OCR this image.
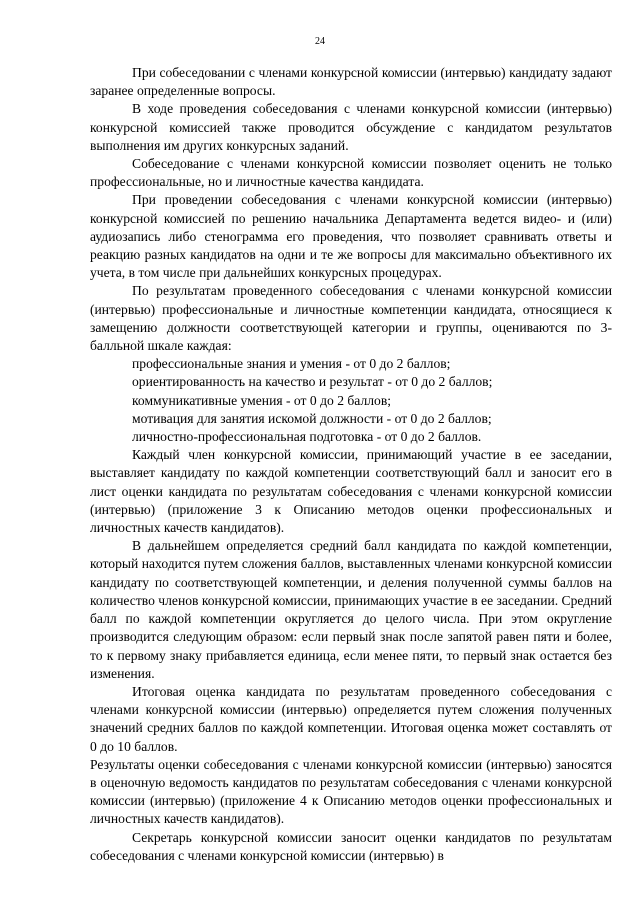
24

При собеседовании с членами конкурсной комиссии (интервью) кандидату задают заранее определенные вопросы.

В ходе проведения собеседования с членами конкурсной комиссии (интервью) конкурсной комиссией также проводится обсуждение с кандидатом результатов выполнения им других конкурсных заданий.

Собеседование с членами конкурсной комиссии позволяет оценить не только профессиональные, но и личностные качества кандидата.

При проведении собеседования с членами конкурсной комиссии (интервью) конкурсной комиссией по решению начальника Департамента ведется видео- и (или) аудиозапись либо стенограмма его проведения, что позволяет сравнивать ответы и реакцию разных кандидатов на одни и те же вопросы для максимально объективного их учета, в том числе при дальнейших конкурсных процедурах.

По результатам проведенного собеседования с членами конкурсной комиссии (интервью) профессиональные и личностные компетенции кандидата, относящиеся к замещению должности соответствующей категории и группы, оцениваются по 3-балльной шкале каждая:

профессиональные знания и умения - от 0 до 2 баллов;

ориентированность на качество и результат - от 0 до 2 баллов;

коммуникативные умения - от 0 до 2 баллов;

мотивация для занятия искомой должности - от 0 до 2 баллов;

личностно-профессиональная подготовка - от 0 до 2 баллов.

Каждый член конкурсной комиссии, принимающий участие в ее заседании, выставляет кандидату по каждой компетенции соответствующий балл и заносит его в лист оценки кандидата по результатам собеседования с членами конкурсной комиссии (интервью) (приложение 3 к Описанию методов оценки профессиональных и личностных качеств кандидатов).

В дальнейшем определяется средний балл кандидата по каждой компетенции, который находится путем сложения баллов, выставленных членами конкурсной комиссии кандидату по соответствующей компетенции, и деления полученной суммы баллов на количество членов конкурсной комиссии, принимающих участие в ее заседании. Средний балл по каждой компетенции округляется до целого числа. При этом округление производится следующим образом: если первый знак после запятой равен пяти и более, то к первому знаку прибавляется единица, если менее пяти, то первый знак остается без изменения.

Итоговая оценка кандидата по результатам проведенного собеседования с членами конкурсной комиссии (интервью) определяется путем сложения полученных значений средних баллов по каждой компетенции. Итоговая оценка может составлять от 0 до 10 баллов.

Результаты оценки собеседования с членами конкурсной комиссии (интервью) заносятся в оценочную ведомость кандидатов по результатам собеседования с членами конкурсной комиссии (интервью) (приложение 4 к Описанию методов оценки профессиональных и личностных качеств кандидатов).

Секретарь конкурсной комиссии заносит оценки кандидатов по результатам собеседования с членами конкурсной комиссии (интервью) в
